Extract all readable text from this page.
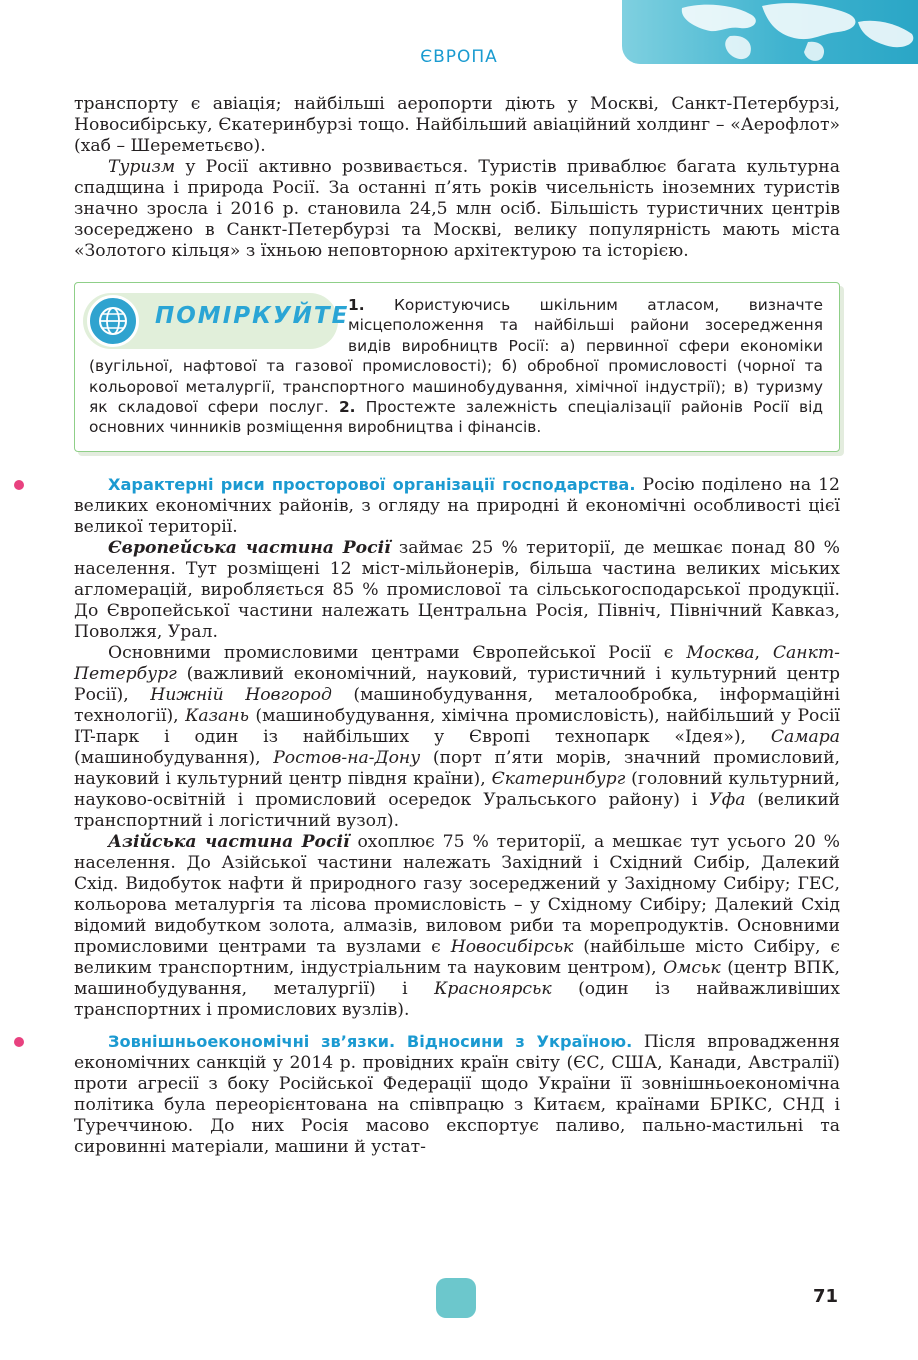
ЄВРОПА

транспорту є авіація; найбільші аеропорти діють у Москві, Санкт-Петербурзі, Новосибірську, Єкатеринбурзі тощо. Найбільший авіаційний холдинг – «Аерофлот» (хаб – Шереметьєво).

Туризм у Росії активно розвивається. Туристів приваблює багата культурна спадщина і природа Росії. За останні п’ять років чисельність іноземних туристів значно зросла і 2016 р. становила 24,5 млн осіб. Більшість туристичних центрів зосереджено в Санкт-Петербурзі та Москві, велику популярність мають міста «Золотого кільця» з їхньою неповторною архітектурою та історією.

ПОМІРКУЙТЕ
1. Користуючись шкільним атласом, визначте місцеположення та найбільші райони зосередження видів виробництв Росії: а) первинної сфери економіки (вугільної, нафтової та газової промисловості); б) обробної промисловості (чорної та кольорової металургії, транспортного машинобудування, хімічної індустрії); в) туризму як складової сфери послуг. 2. Простежте залежність спеціалізації районів Росії від основних чинників розміщення виробництва і фінансів.

Характерні риси просторової організації господарства. Росію поділено на 12 великих економічних районів, з огляду на природні й економічні особливості цієї великої території.

Європейська частина Росії займає 25 % території, де мешкає понад 80 % населення. Тут розміщені 12 міст-мільйонерів, більша частина великих міських агломерацій, виробляється 85 % промислової та сільськогосподарської продукції. До Європейської частини належать Центральна Росія, Північ, Північний Кавказ, Поволжя, Урал.

Основними промисловими центрами Європейської Росії є Москва, Санкт-Петербург (важливий економічний, науковий, туристичний і культурний центр Росії), Нижній Новгород (машинобудування, металообробка, інформаційні технології), Казань (машинобудування, хімічна промисловість), найбільший у Росії IT-парк і один із найбільших у Європі технопарк «Ідея»), Самара (машинобудування), Ростов-на-Дону (порт п’яти морів, значний промисловий, науковий і культурний центр півдня країни), Єкатеринбург (головний культурний, науково-освітній і промисловий осередок Уральського району) і Уфа (великий транспортний і логістичний вузол).

Азійська частина Росії охоплює 75 % території, а мешкає тут усього 20 % населення. До Азійської частини належать Західний і Східний Сибір, Далекий Схід. Видобуток нафти й природного газу зосереджений у Західному Сибіру; ГЕС, кольорова металургія та лісова промисловість – у Східному Сибіру; Далекий Схід відомий видобутком золота, алмазів, виловом риби та морепродуктів. Основними промисловими центрами та вузлами є Новосибірськ (найбільше місто Сибіру, є великим транспортним, індустріальним та науковим центром), Омськ (центр ВПК, машинобудування, металургії) і Красноярськ (один із найважливіших транспортних і промислових вузлів).

Зовнішньоекономічні зв’язки. Відносини з Україною. Після впровадження економічних санкцій у 2014 р. провідних країн світу (ЄС, США, Канади, Австралії) проти агресії з боку Російської Федерації щодо України її зовнішньоекономічна політика була переорієнтована на співпрацю з Китаєм, країнами БРІКС, СНД і Туреччиною. До них Росія масово експортує паливо, пально-мастильні та сировинні матеріали, машини й устат-

71
